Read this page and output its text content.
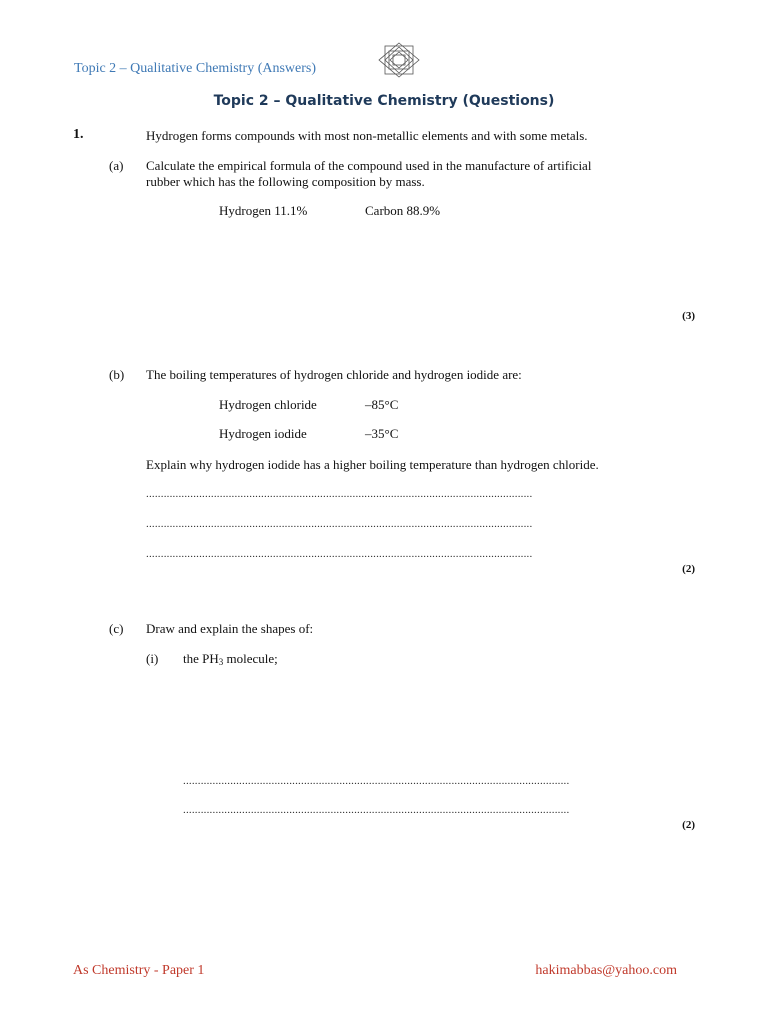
Topic 2 – Qualitative Chemistry (Answers)
Topic 2 – Qualitative Chemistry (Questions)
1.	Hydrogen forms compounds with most non-metallic elements and with some metals.
(a) Calculate the empirical formula of the compound used in the manufacture of artificial
rubber which has the following composition by mass.
Hydrogen 11.1%	Carbon 88.9%
(3)
(b) The boiling temperatures of hydrogen chloride and hydrogen iodide are:
Hydrogen chloride	–85°C
Hydrogen iodide	–35°C
Explain why hydrogen iodide has a higher boiling temperature than hydrogen chloride.
...................................................................................................................................
...................................................................................................................................
...................................................................................................................................
(2)
(c) Draw and explain the shapes of:
(i) the $PH_3$ molecule;
...................................................................................................................................
...................................................................................................................................
(2)
As Chemistry - Paper 1	hakimabbas@yahoo.com
